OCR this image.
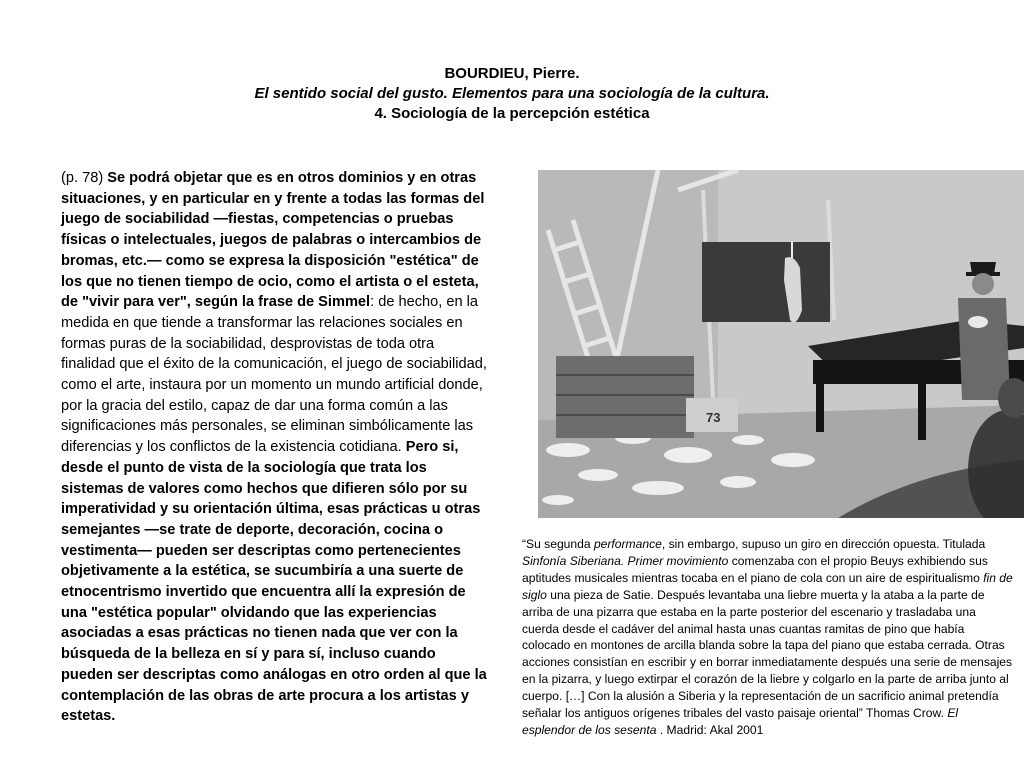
BOURDIEU, Pierre.
El sentido social del gusto. Elementos para una sociología de la cultura.
4. Sociología de la percepción estética
(p. 78) Se podrá objetar que es en otros dominios y en otras situaciones, y en particular en y frente a todas las formas del juego de sociabilidad —fiestas, competencias o pruebas físicas o intelectuales, juegos de palabras o intercambios de bromas, etc.— como se expresa la disposición "estética" de los que no tienen tiempo de ocio, como el artista o el esteta, de "vivir para ver", según la frase de Simmel: de hecho, en la medida en que tiende a transformar las relaciones sociales en formas puras de la sociabilidad, desprovistas de toda otra finalidad que el éxito de la comunicación, el juego de sociabilidad, como el arte, instaura por un momento un mundo artificial donde, por la gracia del estilo, capaz de dar una forma común a las significaciones más personales, se eliminan simbólicamente las diferencias y los conflictos de la existencia cotidiana. Pero si, desde el punto de vista de la sociología que trata los sistemas de valores como hechos que difieren sólo por su imperatividad y su orientación última, esas prácticas u otras semejantes —se trate de deporte, decoración, cocina o vestimenta— pueden ser descriptas como pertenecientes objetivamente a la estética, se sucumbiría a una suerte de etnocentrismo invertido que encuentra allí la expresión de una "estética popular" olvidando que las experiencias asociadas a esas prácticas no tienen nada que ver con la búsqueda de la belleza en sí y para sí, incluso cuando pueden ser descriptas como análogas en otro orden al que la contemplación de las obras de arte procura a los artistas y estetas.
73
“Su segunda performance, sin embargo, supuso un giro en dirección opuesta. Titulada Sinfonía Siberiana. Primer movimiento comenzaba con el propio Beuys exhibiendo sus aptitudes musicales mientras tocaba en el piano de cola con un aire de espiritualismo fin de siglo una pieza de Satie. Después levantaba una liebre muerta y la ataba a la parte de arriba de una pizarra que estaba en la parte posterior del escenario y trasladaba una cuerda desde el cadáver del animal hasta unas cuantas ramitas de pino que había colocado en montones de arcilla blanda sobre la tapa del piano que estaba cerrada. Otras acciones consistían en escribir y en borrar inmediatamente después una serie de mensajes en la pizarra, y luego extirpar el corazón de la liebre y colgarlo en la parte de arriba junto al cuerpo. […] Con la alusión a Siberia y la representación de un sacrificio animal pretendía señalar los antiguos orígenes tribales del vasto paisaje oriental” Thomas Crow. El esplendor de los sesenta . Madrid: Akal 2001
